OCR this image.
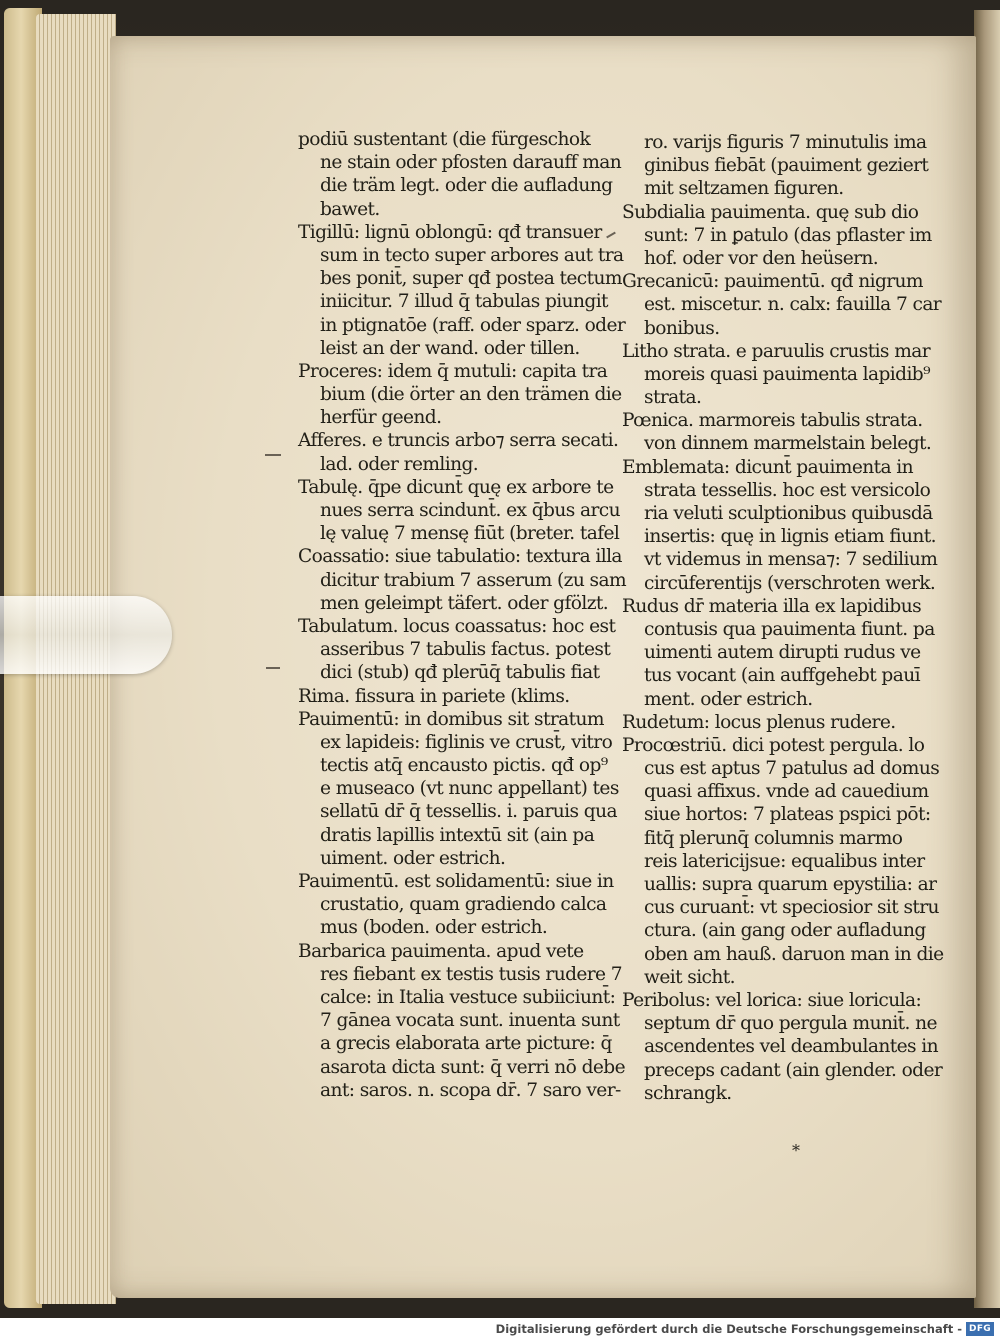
podiū sustentant (die fürgeschok
ne stain oder pfosten darauff man
die träm legt. oder die aufladung
bawet.
Tigillū: lignū oblongū: qđ transuer
sum in tecto super arbores aut tra
bes ponit̄, super qđ postea tectum
iniicitur. 7 illud q̄ tabulas piungit
in ptignatōe (raff. oder sparz. oder
leist an der wand. oder tillen.
Proceres: idem q̄ mutuli: capita tra
bium (die örter an den trämen die
herfür geend.
Afferes. e truncis arbo⁊ serra secati.
lad. oder remling.
Tabulę. q̄pe dicunt̄ quę ex arbore te
nues serra scindunt̄. ex q̄bus arcu
lę valuę 7 mensę fiūt (breter. tafel
Coassatio: siue tabulatio: textura illa
dicitur trabium 7 asserum (zu sam
men geleimpt täfert. oder gfölzt.
Tabulatum. locus coassatus: hoc est
asseribus 7 tabulis factus. potest
dici (stub) qđ plerūq̄ tabulis fiat
Rima. fissura in pariete (klims.
Pauimentū: in domibus sit stratum
ex lapideis: figlinis ve crust̄, vitro
tectis atq̄ encausto pictis. qđ op⁹
e museaco (vt nunc appellant) tes
sellatū dr̄ q̄ tessellis. i. paruis qua
dratis lapillis intextū sit (ain pa
uiment. oder estrich.
Pauimentū. est solidamentū: siue in
crustatio, quam gradiendo calca
mus (boden. oder estrich.
Barbarica pauimenta. apud vete
res fiebant ex testis tusis rudere 7
calce: in Italia vestuce subiiciunt̄:
7 gānea vocata sunt. inuenta sunt
a grecis elaborata arte picture: q̄
asarota dicta sunt: q̄ verri nō debe
ant: saros. n. scopa dr̄. 7 saro ver-
ro. varijs figuris 7 minutulis ima
ginibus fiebāt (pauiment geziert
mit seltzamen figuren.
Subdialia pauimenta. quę sub dio
sunt: 7 in ꝑatulo (das pflaster im
hof. oder vor den heüsern.
Grecanicū: pauimentū. qđ nigrum
est. miscetur. n. calx: fauilla 7 car
bonibus.
Litho strata. e paruulis crustis mar
moreis quasi pauimenta lapidib⁹
strata.
Pœnica. marmoreis tabulis strata.
von dinnem marmelstain belegt.
Emblemata: dicunt̄ pauimenta in
strata tessellis. hoc est versicolo
ria veluti sculptionibus quibusdā
insertis: quę in lignis etiam fiunt.
vt videmus in mensa⁊: 7 sedilium
circūferentijs (verschroten werk.
Rudus dr̄ materia illa ex lapidibus
contusis qua pauimenta fiunt. pa
uimenti autem dirupti rudus ve
tus vocant (ain auffgehebt pauī
ment. oder estrich.
Rudetum: locus plenus rudere.
Procœstriū. dici potest pergula. lo
cus est aptus 7 patulus ad domus
quasi affixus. vnde ad cauedium
siue hortos: 7 plateas pspici pōt:
fitq̄ plerunq̄ columnis marmo
reis latericijsue: equalibus inter
uallis: supra quarum epystilia: ar
cus curuant̄: vt speciosior sit stru
ctura. (ain gang oder aufladung
oben am hauß. daruon man in die
weit sicht.
Peribolus: vel lorica: siue loricula:
septum dr̄ quo pergula munit̄. ne
ascendentes vel deambulantes in
preceps cadant (ain glender. oder
schrangk.
*
Digitalisierung gefördert durch die Deutsche Forschungsgemeinschaft - DFG
